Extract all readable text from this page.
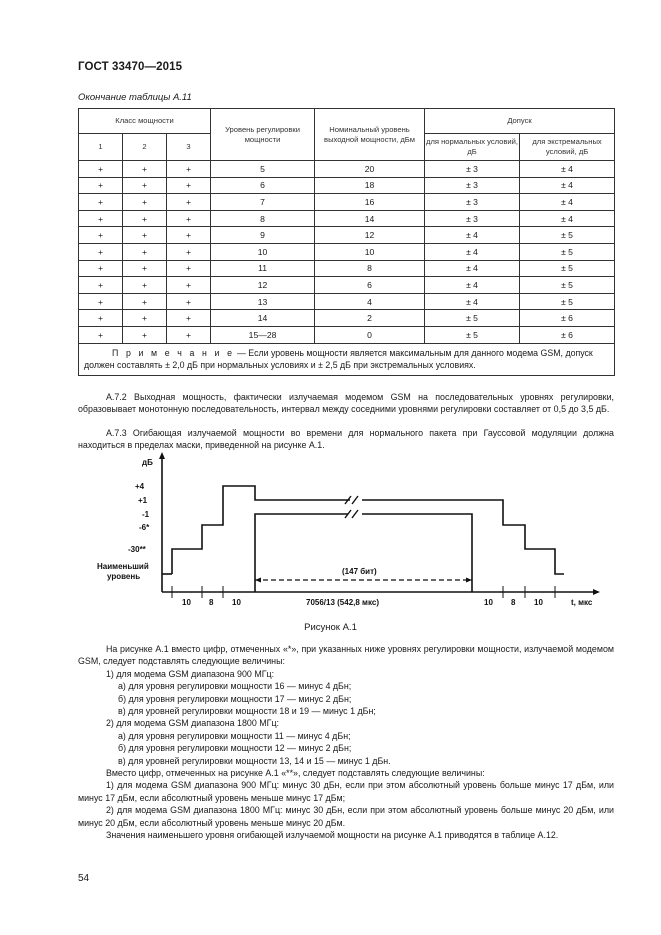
ГОСТ 33470—2015
Окончание таблицы А.11
Класс мощности			Уровень регулировки мощности	Номинальный уровень выходной мощности, дБм	Допуск	
1	2	3			для нормальных условий, дБ	для экстремальных условий, дБ
+	+	+	5	20	± 3	± 4
+	+	+	6	18	± 3	± 4
+	+	+	7	16	± 3	± 4
+	+	+	8	14	± 3	± 4
+	+	+	9	12	± 4	± 5
+	+	+	10	10	± 4	± 5
+	+	+	11	8	± 4	± 5
+	+	+	12	6	± 4	± 5
+	+	+	13	4	± 4	± 5
+	+	+	14	2	± 5	± 6
+	+	+	15—28	0	± 5	± 6
П р и м е ч а н и е — Если уровень мощности является максимальным для данного модема GSM, допуск должен составлять ± 2,0 дБ при нормальных условиях и ± 2,5 дБ при экстремальных условиях.						

А.7.2 Выходная мощность, фактически излучаемая модемом GSM на последовательных уровнях регулировки, образовывает монотонную последовательность, интервал между соседними уровнями регулировки составляет от 0,5 до 3,5 дБ.

А.7.3 Огибающая излучаемой мощности во времени для нормального пакета при Гауссовой модуляции должна находиться в пределах маски, приведенной на рисунке А.1.

дБ
+4
+1
-1
-6*
-30**
Наименьший
уровень
10 8 10	7056/13 (542,8 мкс)	10 8 10	t, мкс
(147 бит)
Рисунок А.1

На рисунке А.1 вместо цифр, отмеченных «*», при указанных ниже уровнях регулировки мощности, излучаемой модемом GSM, следует подставлять следующие величины:

1) для модема GSM диапазона 900 МГц:

а) для уровня регулировки мощности 16 — минус 4 дБн;

б) для уровня регулировки мощности 17 — минус 2 дБн;

в) для уровней регулировки мощности 18 и 19 — минус 1 дБн;

2) для модема GSM диапазона 1800 МГц:

а) для уровня регулировки мощности 11 — минус 4 дБн;

б) для уровня регулировки мощности 12 — минус 2 дБн;

в) для уровней регулировки мощности 13, 14 и 15 — минус 1 дБн.

Вместо цифр, отмеченных на рисунке А.1 «**», следует подставлять следующие величины:

1) для модема GSM диапазона 900 МГц: минус 30 дБн, если при этом абсолютный уровень больше минус 17 дБм, или минус 17 дБм, если абсолютный уровень меньше минус 17 дБм;

2) для модема GSM диапазона 1800 МГц: минус 30 дБн, если при этом абсолютный уровень больше минус 20 дБм, или минус 20 дБм, если абсолютный уровень меньше минус 20 дБм.

Значения наименьшего уровня огибающей излучаемой мощности на рисунке А.1 приводятся в таблице А.12.

54
